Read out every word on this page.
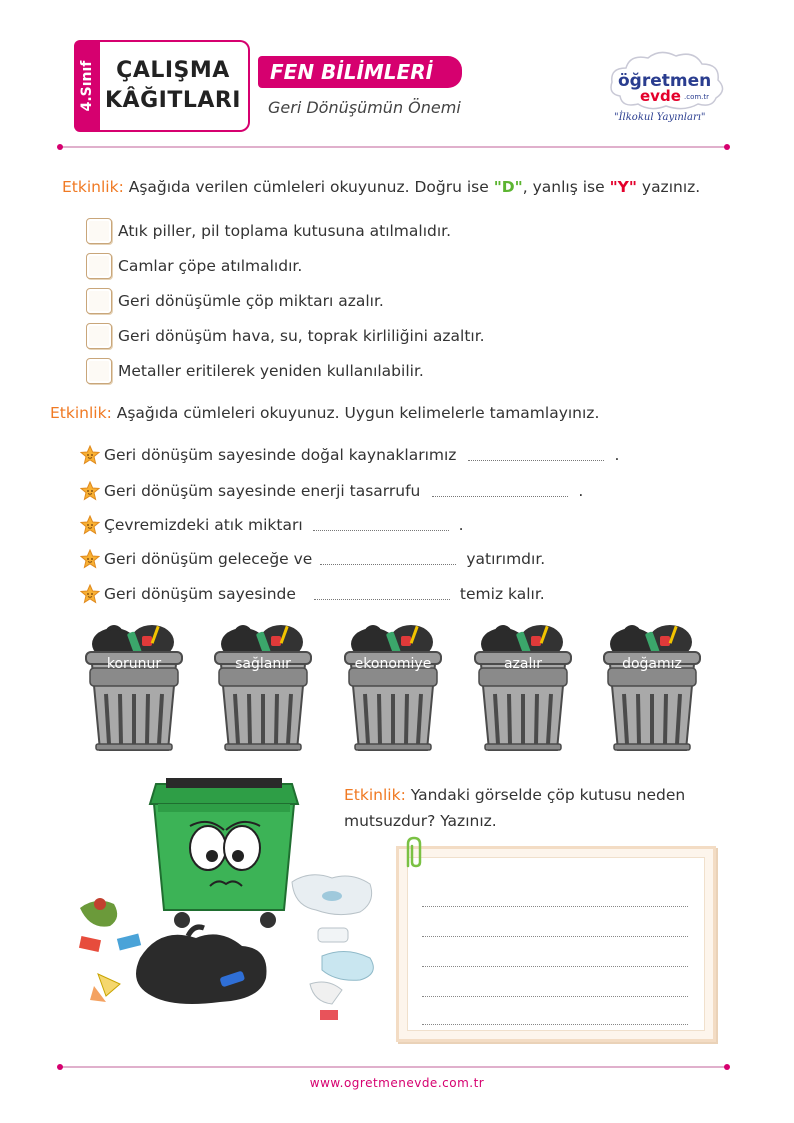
4.Sınıf ÇALIŞMA
KÂĞITLARI
FEN BİLİMLERİ
Geri Dönüşümün Önemi
öğretmen
evde .com.tr
"İlkokul Yayınları"
Etkinlik: Aşağıda verilen cümleleri okuyunuz. Doğru ise "D", yanlış ise "Y" yazınız.
Atık piller, pil toplama kutusuna atılmalıdır.
Camlar çöpe atılmalıdır.
Geri dönüşümle çöp miktarı azalır.
Geri dönüşüm hava, su, toprak kirliliğini azaltır.
Metaller eritilerek yeniden kullanılabilir.
Etkinlik: Aşağıda cümleleri okuyunuz. Uygun kelimelerle tamamlayınız.
Geri dönüşüm sayesinde doğal kaynaklarımız	.
Geri dönüşüm sayesinde enerji tasarrufu	.
Çevremizdeki atık miktarı	.
Geri dönüşüm geleceğe ve	yatırımdır.
Geri dönüşüm sayesinde	temiz kalır.
korunur	sağlanır	ekonomiye	azalır	doğamız
Etkinlik: Yandaki görselde çöp kutusu neden
mutsuzdur? Yazınız.
www.ogretmenevde.com.tr
